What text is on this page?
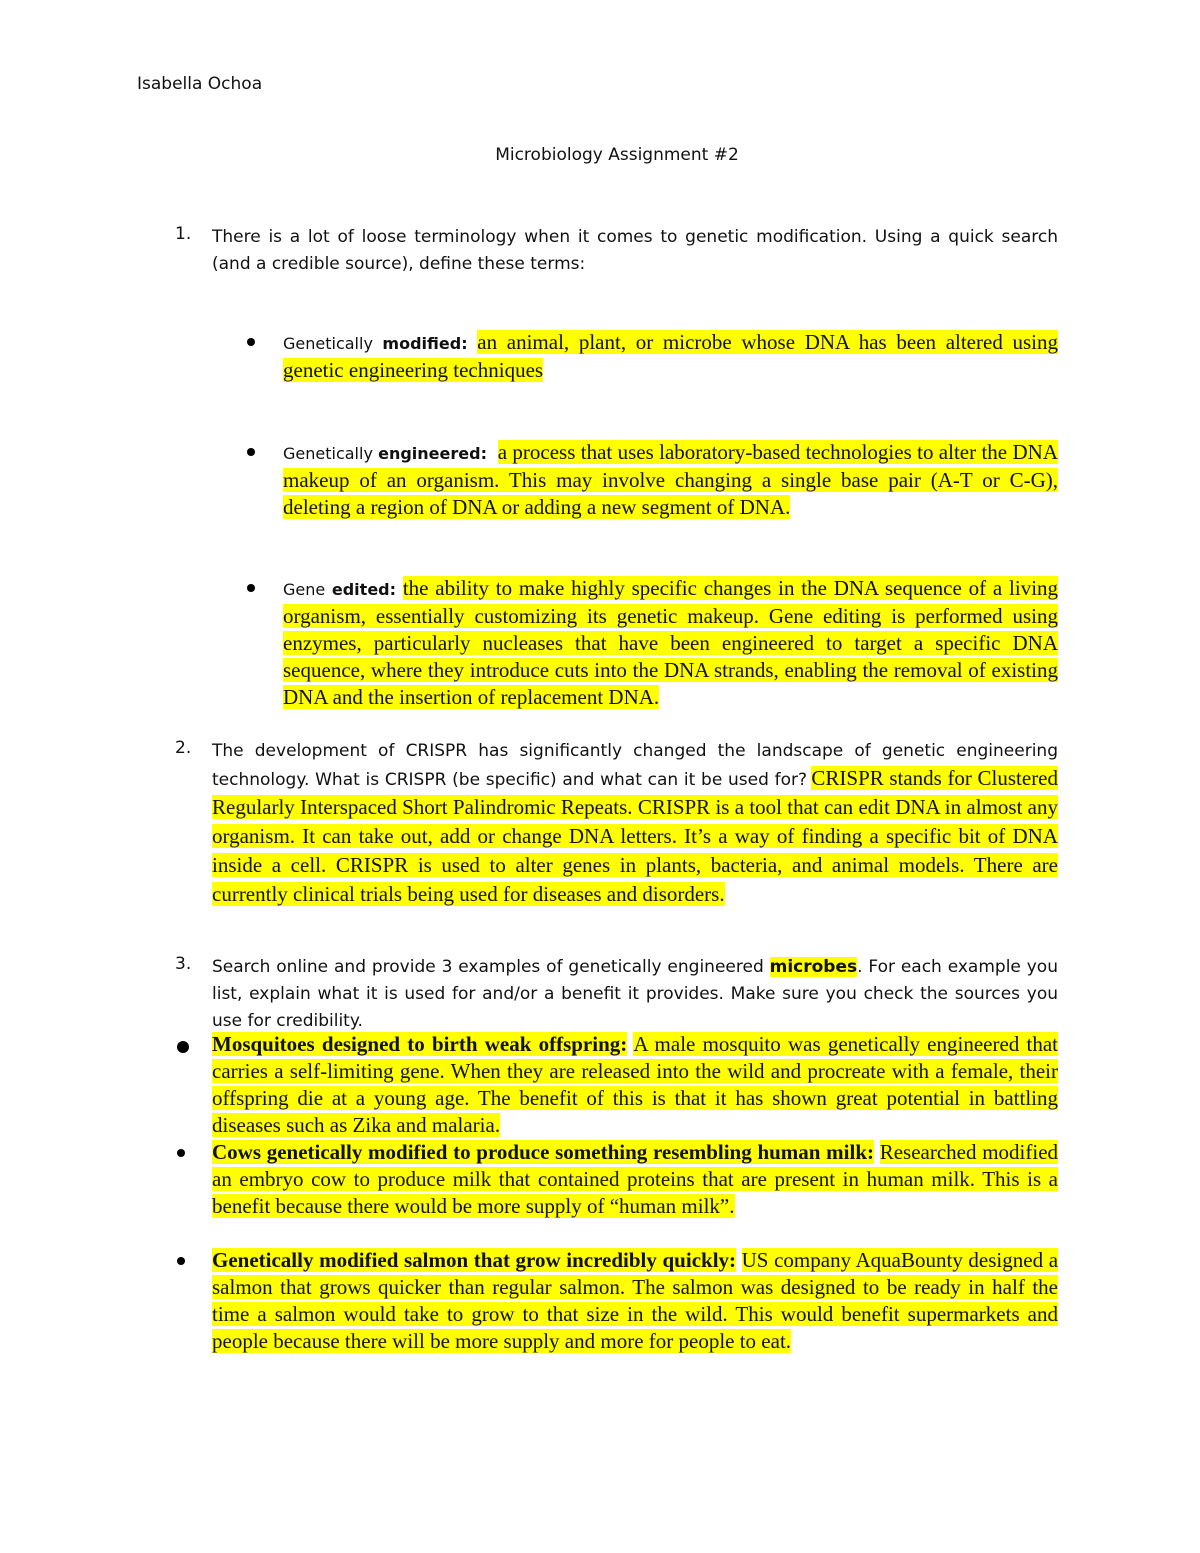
Isabella Ochoa
Microbiology Assignment #2
1. There is a lot of loose terminology when it comes to genetic modification. Using a quick search (and a credible source), define these terms:
Genetically modified: an animal, plant, or microbe whose DNA has been altered using genetic engineering techniques
Genetically engineered: a process that uses laboratory-based technologies to alter the DNA makeup of an organism. This may involve changing a single base pair (A-T or C-G), deleting a region of DNA or adding a new segment of DNA.
Gene edited: the ability to make highly specific changes in the DNA sequence of a living organism, essentially customizing its genetic makeup. Gene editing is performed using enzymes, particularly nucleases that have been engineered to target a specific DNA sequence, where they introduce cuts into the DNA strands, enabling the removal of existing DNA and the insertion of replacement DNA.
2. The development of CRISPR has significantly changed the landscape of genetic engineering technology. What is CRISPR (be specific) and what can it be used for? CRISPR stands for Clustered Regularly Interspaced Short Palindromic Repeats. CRISPR is a tool that can edit DNA in almost any organism. It can take out, add or change DNA letters. It’s a way of finding a specific bit of DNA inside a cell. CRISPR is used to alter genes in plants, bacteria, and animal models. There are currently clinical trials being used for diseases and disorders.
3. Search online and provide 3 examples of genetically engineered microbes. For each example you list, explain what it is used for and/or a benefit it provides. Make sure you check the sources you use for credibility.
Mosquitoes designed to birth weak offspring: A male mosquito was genetically engineered that carries a self-limiting gene. When they are released into the wild and procreate with a female, their offspring die at a young age. The benefit of this is that it has shown great potential in battling diseases such as Zika and malaria.
Cows genetically modified to produce something resembling human milk: Researched modified an embryo cow to produce milk that contained proteins that are present in human milk. This is a benefit because there would be more supply of “human milk”.
Genetically modified salmon that grow incredibly quickly: US company AquaBounty designed a salmon that grows quicker than regular salmon. The salmon was designed to be ready in half the time a salmon would take to grow to that size in the wild. This would benefit supermarkets and people because there will be more supply and more for people to eat.
